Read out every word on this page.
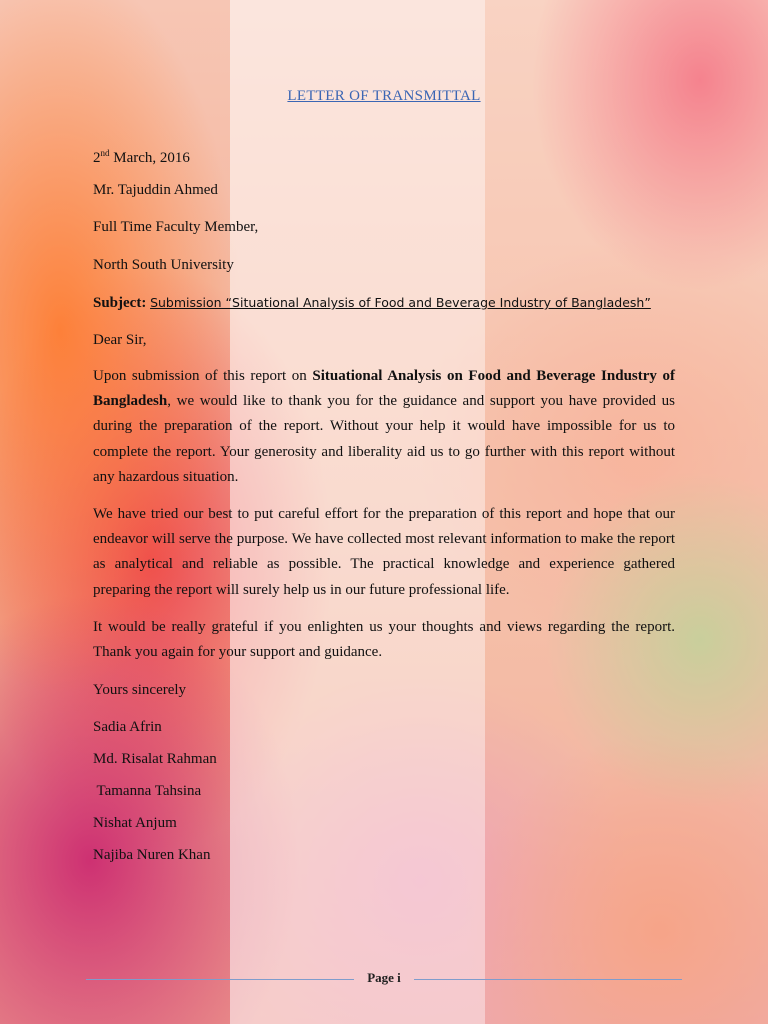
LETTER OF TRANSMITTAL
2nd March, 2016
Mr. Tajuddin Ahmed
Full Time Faculty Member,
North South University
Subject: Submission “Situational Analysis of Food and Beverage Industry of Bangladesh”
Dear Sir,
Upon submission of this report on Situational Analysis on Food and Beverage Industry of Bangladesh, we would like to thank you for the guidance and support you have provided us during the preparation of the report. Without your help it would have impossible for us to complete the report. Your generosity and liberality aid us to go further with this report without any hazardous situation.
We have tried our best to put careful effort for the preparation of this report and hope that our endeavor will serve the purpose. We have collected most relevant information to make the report as analytical and reliable as possible. The practical knowledge and experience gathered preparing the report will surely help us in our future professional life.
It would be really grateful if you enlighten us your thoughts and views regarding the report. Thank you again for your support and guidance.
Yours sincerely
Sadia Afrin
Md. Risalat Rahman
Tamanna Tahsina
Nishat Anjum
Najiba Nuren Khan
Page i
